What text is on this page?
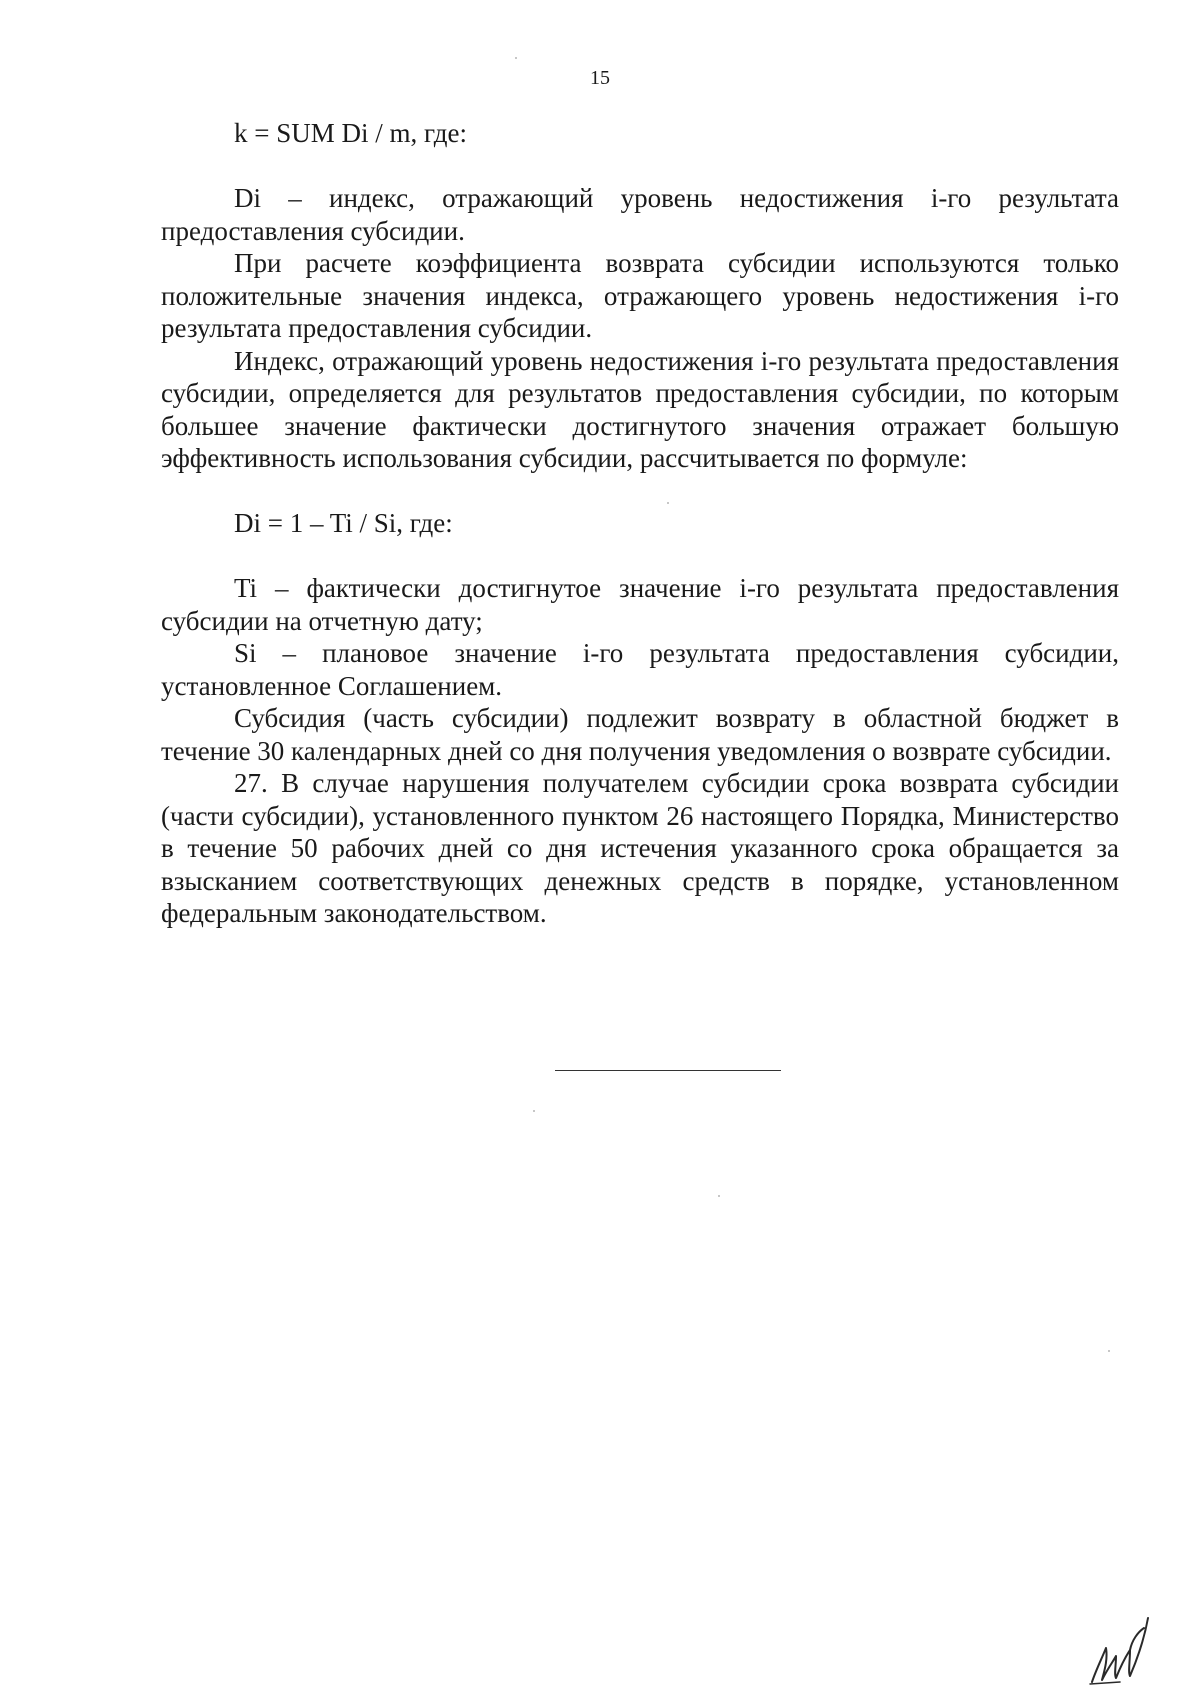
15

k = SUM Di / m, где:

Di – индекс, отражающий уровень недостижения i-го результата предоставления субсидии.

При расчете коэффициента возврата субсидии используются только положительные значения индекса, отражающего уровень недостижения i-го результата предоставления субсидии.

Индекс, отражающий уровень недостижения i-го результата предоставления субсидии, определяется для результатов предоставления субсидии, по которым большее значение фактически достигнутого значения отражает большую эффективность использования субсидии, рассчитывается по формуле:

Di = 1 – Ti / Si, где:

Ti – фактически достигнутое значение i-го результата предоставления субсидии на отчетную дату;

Si – плановое значение i-го результата предоставления субсидии, установленное Соглашением.

Субсидия (часть субсидии) подлежит возврату в областной бюджет в течение 30 календарных дней со дня получения уведомления о возврате субсидии.

27. В случае нарушения получателем субсидии срока возврата субсидии (части субсидии), установленного пунктом 26 настоящего Порядка, Министерство в течение 50 рабочих дней со дня истечения указанного срока обращается за взысканием соответствующих денежных средств в порядке, установленном федеральным законодательством.
